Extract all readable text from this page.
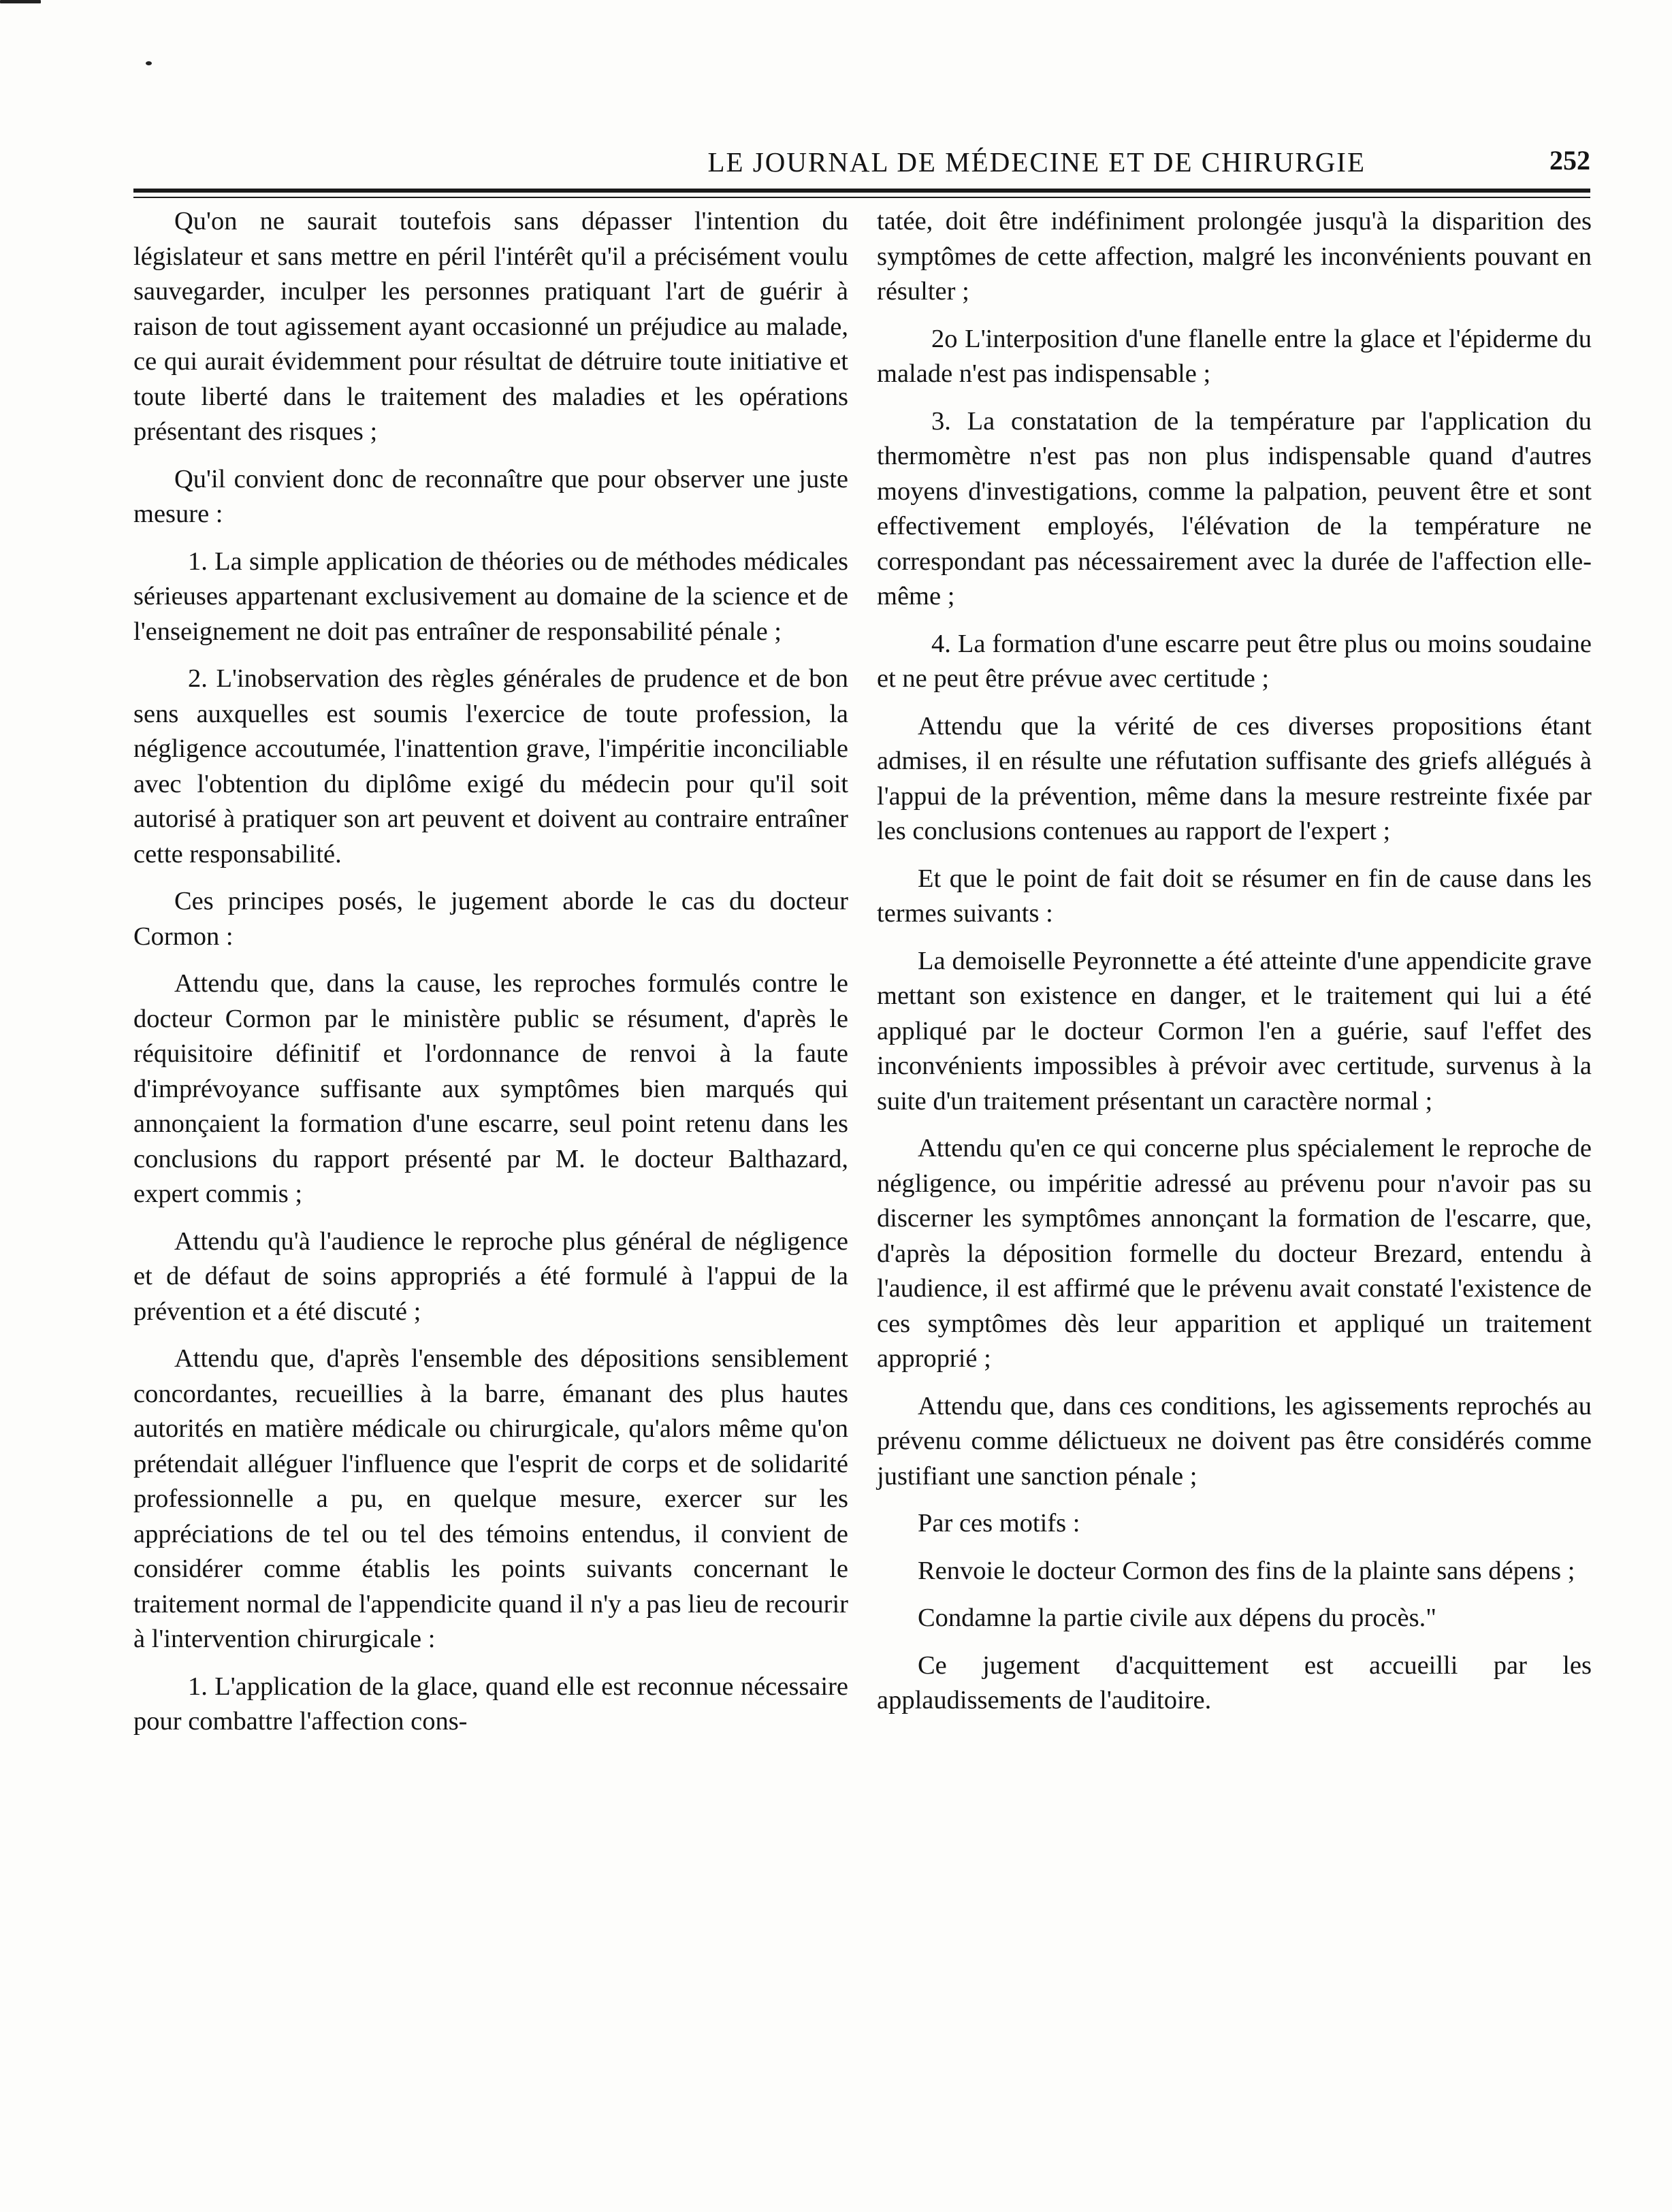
LE JOURNAL DE MÉDECINE ET DE CHIRURGIE	252

Qu'on ne saurait toutefois sans dépasser l'intention du législateur et sans mettre en péril l'intérêt qu'il a précisément voulu sauvegarder, inculper les personnes pratiquant l'art de guérir à raison de tout agissement ayant occasionné un préjudice au malade, ce qui aurait évidemment pour résultat de détruire toute initiative et toute liberté dans le traitement des maladies et les opérations présentant des risques ;

Qu'il convient donc de reconnaître que pour observer une juste mesure :

1. La simple application de théories ou de méthodes médicales sérieuses appartenant exclusivement au domaine de la science et de l'enseignement ne doit pas entraîner de responsabilité pénale ;

2. L'inobservation des règles générales de prudence et de bon sens auxquelles est soumis l'exercice de toute profession, la négligence accoutumée, l'inattention grave, l'impéritie inconciliable avec l'obtention du diplôme exigé du médecin pour qu'il soit autorisé à pratiquer son art peuvent et doivent au contraire entraîner cette responsabilité.

Ces principes posés, le jugement aborde le cas du docteur Cormon :

Attendu que, dans la cause, les reproches formulés contre le docteur Cormon par le ministère public se résument, d'après le réquisitoire définitif et l'ordonnance de renvoi à la faute d'imprévoyance suffisante aux symptômes bien marqués qui annonçaient la formation d'une escarre, seul point retenu dans les conclusions du rapport présenté par M. le docteur Balthazard, expert commis ;

Attendu qu'à l'audience le reproche plus général de négligence et de défaut de soins appropriés a été formulé à l'appui de la prévention et a été discuté ;

Attendu que, d'après l'ensemble des dépositions sensiblement concordantes, recueillies à la barre, émanant des plus hautes autorités en matière médicale ou chirurgicale, qu'alors même qu'on prétendait alléguer l'influence que l'esprit de corps et de solidarité professionnelle a pu, en quelque mesure, exercer sur les appréciations de tel ou tel des témoins entendus, il convient de considérer comme établis les points suivants concernant le traitement normal de l'appendicite quand il n'y a pas lieu de recourir à l'intervention chirurgicale :

1. L'application de la glace, quand elle est reconnue nécessaire pour combattre l'affection cons-

tatée, doit être indéfiniment prolongée jusqu'à la disparition des symptômes de cette affection, malgré les inconvénients pouvant en résulter ;

2o L'interposition d'une flanelle entre la glace et l'épiderme du malade n'est pas indispensable ;

3. La constatation de la température par l'application du thermomètre n'est pas non plus indispensable quand d'autres moyens d'investigations, comme la palpation, peuvent être et sont effectivement employés, l'élévation de la température ne correspondant pas nécessairement avec la durée de l'affection elle-même ;

4. La formation d'une escarre peut être plus ou moins soudaine et ne peut être prévue avec certitude ;

Attendu que la vérité de ces diverses propositions étant admises, il en résulte une réfutation suffisante des griefs allégués à l'appui de la prévention, même dans la mesure restreinte fixée par les conclusions contenues au rapport de l'expert ;

Et que le point de fait doit se résumer en fin de cause dans les termes suivants :

La demoiselle Peyronnette a été atteinte d'une appendicite grave mettant son existence en danger, et le traitement qui lui a été appliqué par le docteur Cormon l'en a guérie, sauf l'effet des inconvénients impossibles à prévoir avec certitude, survenus à la suite d'un traitement présentant un caractère normal ;

Attendu qu'en ce qui concerne plus spécialement le reproche de négligence, ou impéritie adressé au prévenu pour n'avoir pas su discerner les symptômes annonçant la formation de l'escarre, que, d'après la déposition formelle du docteur Brezard, entendu à l'audience, il est affirmé que le prévenu avait constaté l'existence de ces symptômes dès leur apparition et appliqué un traitement approprié ;

Attendu que, dans ces conditions, les agissements reprochés au prévenu comme délictueux ne doivent pas être considérés comme justifiant une sanction pénale ;

Par ces motifs :

Renvoie le docteur Cormon des fins de la plainte sans dépens ;

Condamne la partie civile aux dépens du procès."

Ce jugement d'acquittement est accueilli par les applaudissements de l'auditoire.
